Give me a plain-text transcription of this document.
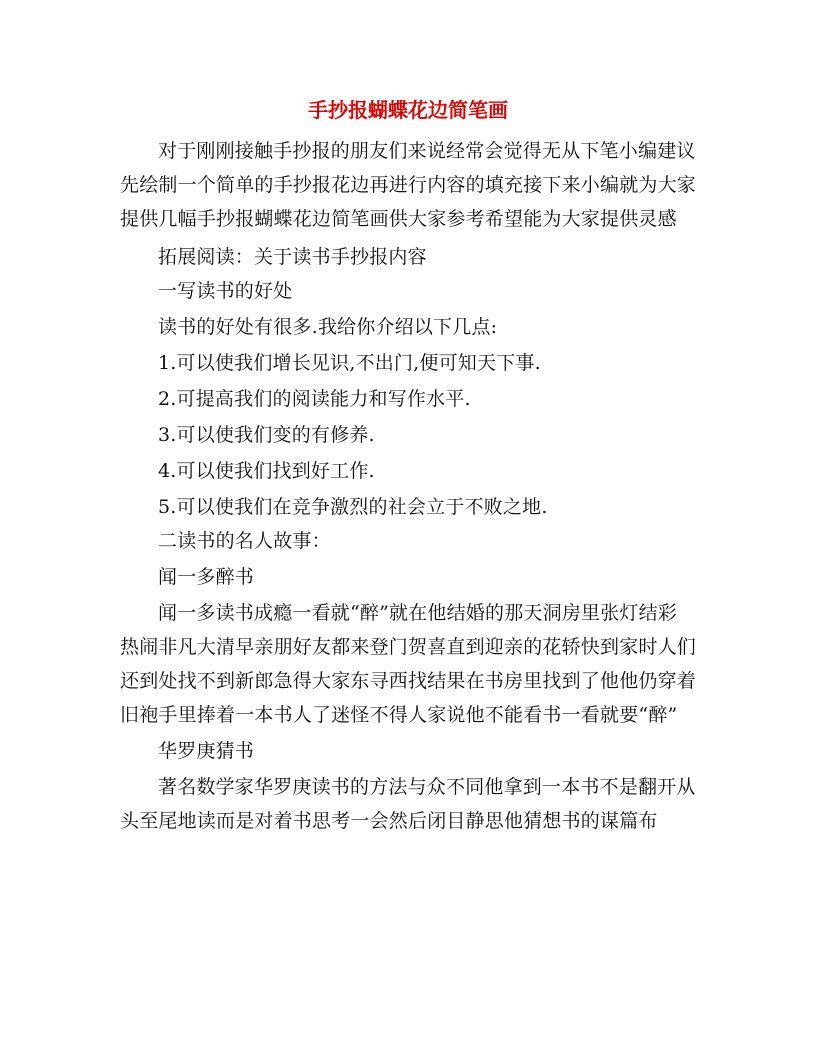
手抄报蝴蝶花边简笔画

对于刚刚接触手抄报的朋友们来说经常会觉得无从下笔小编建议先绘制一个简单的手抄报花边再进行内容的填充接下来小编就为大家提供几幅手抄报蝴蝶花边简笔画供大家参考希望能为大家提供灵感

拓展阅读：关于读书手抄报内容

一写读书的好处

读书的好处有很多.我给你介绍以下几点:

1.可以使我们增长见识,不出门,便可知天下事.

2.可提高我们的阅读能力和写作水平.

3.可以使我们变的有修养.

4.可以使我们找到好工作.

5.可以使我们在竞争激烈的社会立于不败之地.

二读书的名人故事：

闻一多醉书

闻一多读书成瘾一看就“醉”就在他结婚的那天洞房里张灯结彩热闹非凡大清早亲朋好友都来登门贺喜直到迎亲的花轿快到家时人们还到处找不到新郎急得大家东寻西找结果在书房里找到了他他仍穿着旧袍手里捧着一本书人了迷怪不得人家说他不能看书一看就要“醉”

华罗庚猜书

著名数学家华罗庚读书的方法与众不同他拿到一本书不是翻开从头至尾地读而是对着书思考一会然后闭目静思他猜想书的谋篇布
